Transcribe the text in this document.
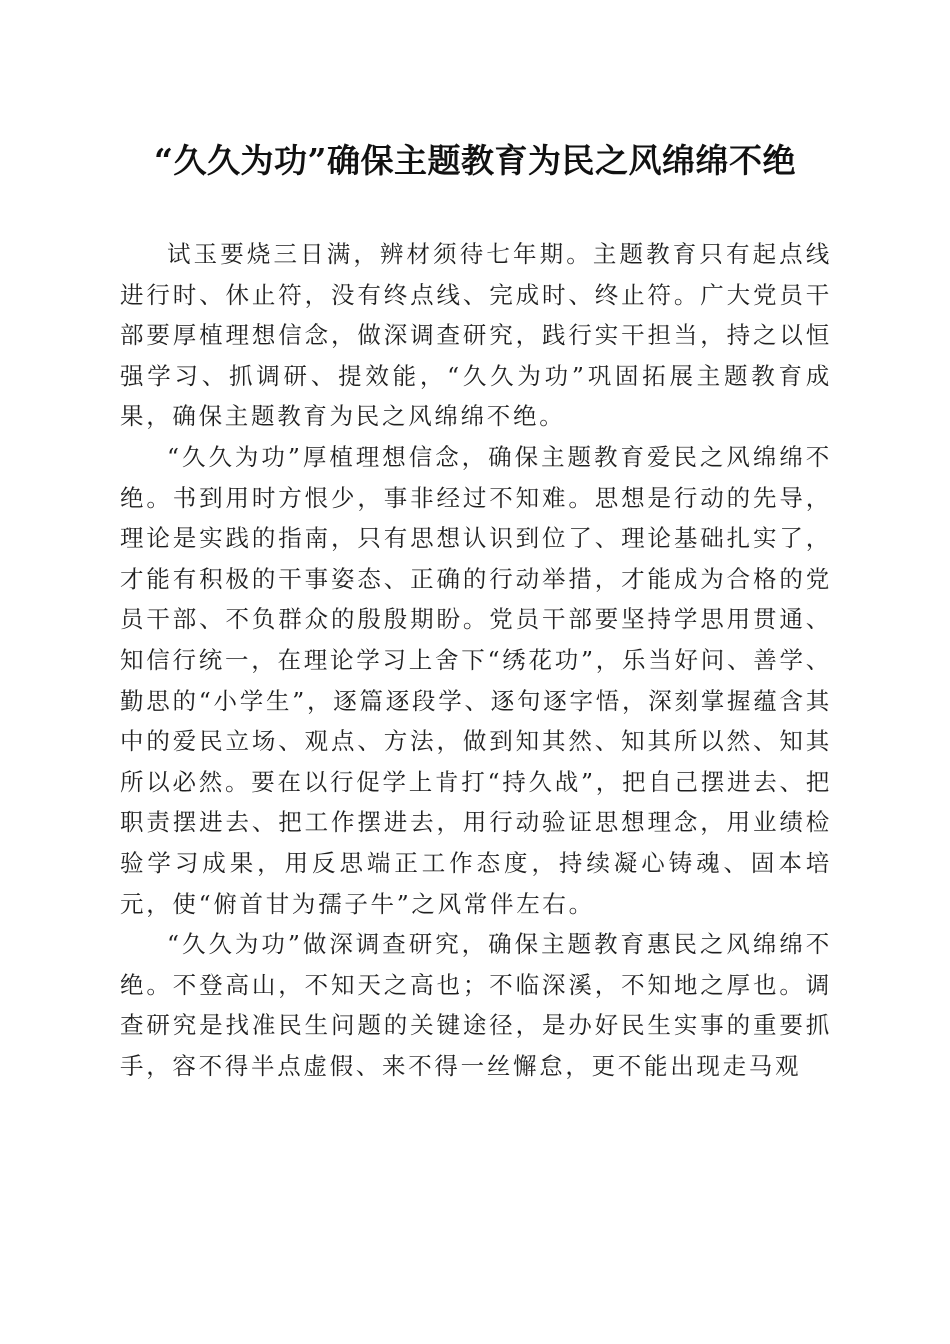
“久久为功”确保主题教育为民之风绵绵不绝

试玉要烧三日满，辨材须待七年期。主题教育只有起点线进行时、休止符，没有终点线、完成时、终止符。广大党员干部要厚植理想信念，做深调查研究，践行实干担当，持之以恒强学习、抓调研、提效能，“久久为功”巩固拓展主题教育成果，确保主题教育为民之风绵绵不绝。

“久久为功”厚植理想信念，确保主题教育爱民之风绵绵不绝。书到用时方恨少，事非经过不知难。思想是行动的先导，理论是实践的指南，只有思想认识到位了、理论基础扎实了，才能有积极的干事姿态、正确的行动举措，才能成为合格的党员干部、不负群众的殷殷期盼。党员干部要坚持学思用贯通、知信行统一，在理论学习上舍下“绣花功”，乐当好问、善学、勤思的“小学生”，逐篇逐段学、逐句逐字悟，深刻掌握蕴含其中的爱民立场、观点、方法，做到知其然、知其所以然、知其所以必然。要在以行促学上肯打“持久战”，把自己摆进去、把职责摆进去、把工作摆进去，用行动验证思想理念，用业绩检验学习成果，用反思端正工作态度，持续凝心铸魂、固本培元，使“俯首甘为孺子牛”之风常伴左右。

“久久为功”做深调查研究，确保主题教育惠民之风绵绵不绝。不登高山，不知天之高也；不临深溪，不知地之厚也。调查研究是找准民生问题的关键途径，是办好民生实事的重要抓手，容不得半点虚假、来不得一丝懈怠，更不能出现走马观
